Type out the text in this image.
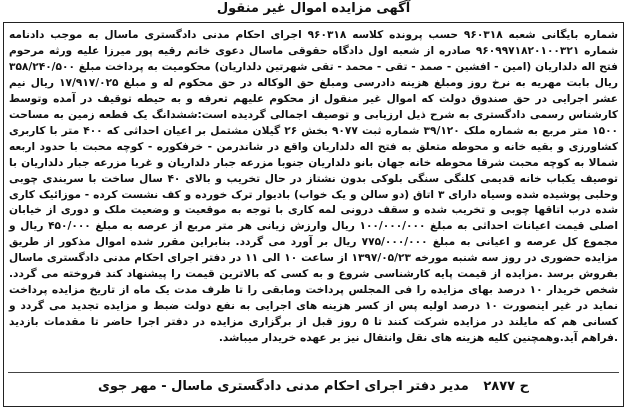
آگهی مزایده اموال غیر منقول

شماره بایگانی شعبه ۹۶۰۳۱۸ حسب پرونده کلاسه ۹۶۰۳۱۸ اجرای احکام مدنی دادگستری ماسال به موجب دادنامه شماره ۹۶۰۹۹۷۱۸۲۰۱۰۰۳۲۱ صادره از شعبه اول دادگاه حقوقی ماسال دعوی خانم رقیه پور میرزا علیه ورثه مرحوم فتح اله دلداریان (امین - افشین - صمد - تقی - محمد - تقی شهرتین دلداریان) محکومیت به پرداخت مبلغ ۳۵۸/۲۴۰/۵۰۰ ریال بابت مهریه به نرخ روز ومبلغ هزینه دادرسی ومبلغ حق الوکاله در حق محکوم له و مبلغ ۱۷/۹۱۷/۰۲۵ ریال نیم عشر اجرایی در حق صندوق دولت که اموال غیر منقول از محکوم علیهم تعرفه و به حیطه توقیف در آمده وتوسط کارشناس رسمی دادگستری به شرح ذیل ارزیابی و توصیف اجمالی گردیده است:ششدانگ یک قطعه زمین به مساحت ۱۵۰۰ متر مربع به شماره ملک ۳۹/۱۲۰ شماره ثبت ۹۰۷۷ بخش ۲۶ گیلان مشتمل بر اعیان احداثی که ۴۰۰ متر با کاربری کشاورزی و بقیه خانه و محوطه متعلق به فتح اله دلداریان واقع در شاندرمن - خرفکوره - کوچه محبت با حدود اربعه شمالا به کوچه محبت شرقا محوطه خانه جهان بانو دلداریان جنوبا مزرعه جبار دلداریان و غربا مزرعه جبار دلداریان با توصیف یکباب خانه قدیمی کلنگی سنگی بلوکی بدون نشتاز در حال تخریب و بالای ۴۰ سال ساخت با سربندی چوبی وحلبی پوشیده شده وسیاه دارای ۳ اتاق (دو سالن و یک خواب) بادیوار ترک خورده و کف نشست کرده - موزائیک کاری شده درب اتاقها چوبی و تخریب شده و سقف درونی لمه کاری با توجه به موقعیت و وضعیت ملک و دوری از خیابان اصلی قیمت اعیانات احداثی به مبلغ ۱۰۰/۰۰۰/۰۰۰ ریال وارزش زیانی هر متر مربع از عرصه به مبلغ ۴۵۰/۰۰۰ ریال و مجموع کل عرصه و اعیانی به مبلغ ۷۷۵/۰۰۰/۰۰۰ ریال بر آورد می گردد. بنابراین مقرر شده اموال مذکور از طریق مزایده حضوری در روز سه شنبه مورخه ۱۳۹۷/۰۵/۲۳ از ساعت ۱۰ الی ۱۱ در دفتر اجرای احکام مدنی دادگستری ماسال بفروش برسد .مزایده از قیمت پایه کارشناسی شروع و به کسی که بالاترین قیمت را پیشنهاد کند فروخته می گردد. شخص خریدار ۱۰ درصد بهای مزایده را فی المجلس پرداخت ومابقی را تا ظرف مدت یک ماه از تاریخ مزایده پرداخت نماید در غیر اینصورت ۱۰ درصد اولیه پس از کسر هزینه های اجرایی به نفع دولت ضبط و مزایده تجدید می گردد و کسانی هم که مایلند در مزایده شرکت کنند تا ۵ روز قبل از برگزاری مزایده در دفتر اجرا حاضر تا مقدمات بازدید .فراهم آید.وهمچنین کلیه هزینه های نقل وانتقال نیز بر عهده خریدار میباشد.

ح ۲۸۷۷ مدیر دفتر اجرای احکام مدنی دادگستری ماسال - مهر جوی
